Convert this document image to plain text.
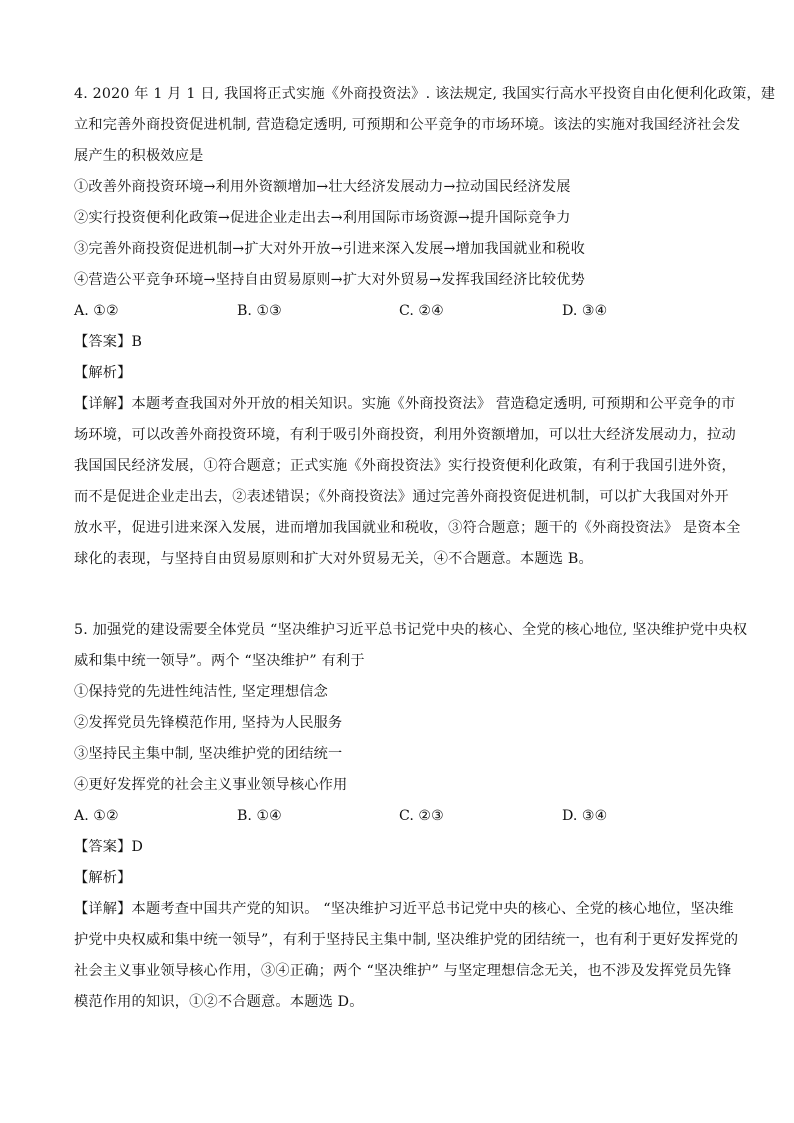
4. 2020 年 1 月 1 日, 我国将正式实施《外商投资法》. 该法规定, 我国实行高水平投资自由化便利化政策，建
立和完善外商投资促进机制, 营造稳定透明, 可预期和公平竞争的市场环境。该法的实施对我国经济社会发
展产生的积极效应是
①改善外商投资环境→利用外资额增加→壮大经济发展动力→拉动国民经济发展
②实行投资便利化政策→促进企业走出去→利用国际市场资源→提升国际竞争力
③完善外商投资促进机制→扩大对外开放→引进来深入发展→增加我国就业和税收
④营造公平竞争环境→坚持自由贸易原则→扩大对外贸易→发挥我国经济比较优势
A. ①②	B. ①③	C. ②④	D. ③④
【答案】B
【解析】
【详解】本题考查我国对外开放的相关知识。实施《外商投资法》 营造稳定透明, 可预期和公平竞争的市
场环境，可以改善外商投资环境，有利于吸引外商投资，利用外资额增加，可以壮大经济发展动力，拉动
我国国民经济发展，①符合题意；正式实施《外商投资法》实行投资便利化政策，有利于我国引进外资，
而不是促进企业走出去，②表述错误；《外商投资法》通过完善外商投资促进机制，可以扩大我国对外开
放水平，促进引进来深入发展，进而增加我国就业和税收，③符合题意；题干的《外商投资法》 是资本全
球化的表现，与坚持自由贸易原则和扩大对外贸易无关，④不合题意。本题选 B。
5. 加强党的建设需要全体党员 “坚决维护习近平总书记党中央的核心、全党的核心地位, 坚决维护党中央权
威和集中统一领导”。两个 “坚决维护” 有利于
①保持党的先进性纯洁性, 坚定理想信念
②发挥党员先锋模范作用, 坚持为人民服务
③坚持民主集中制, 坚决维护党的团结统一
④更好发挥党的社会主义事业领导核心作用
A. ①②	B. ①④	C. ②③	D. ③④
【答案】D
【解析】
【详解】本题考查中国共产党的知识。 “坚决维护习近平总书记党中央的核心、全党的核心地位，坚决维
护党中央权威和集中统一领导”，有利于坚持民主集中制, 坚决维护党的团结统一，也有利于更好发挥党的
社会主义事业领导核心作用，③④正确；两个 “坚决维护” 与坚定理想信念无关，也不涉及发挥党员先锋
模范作用的知识，①②不合题意。本题选 D。
